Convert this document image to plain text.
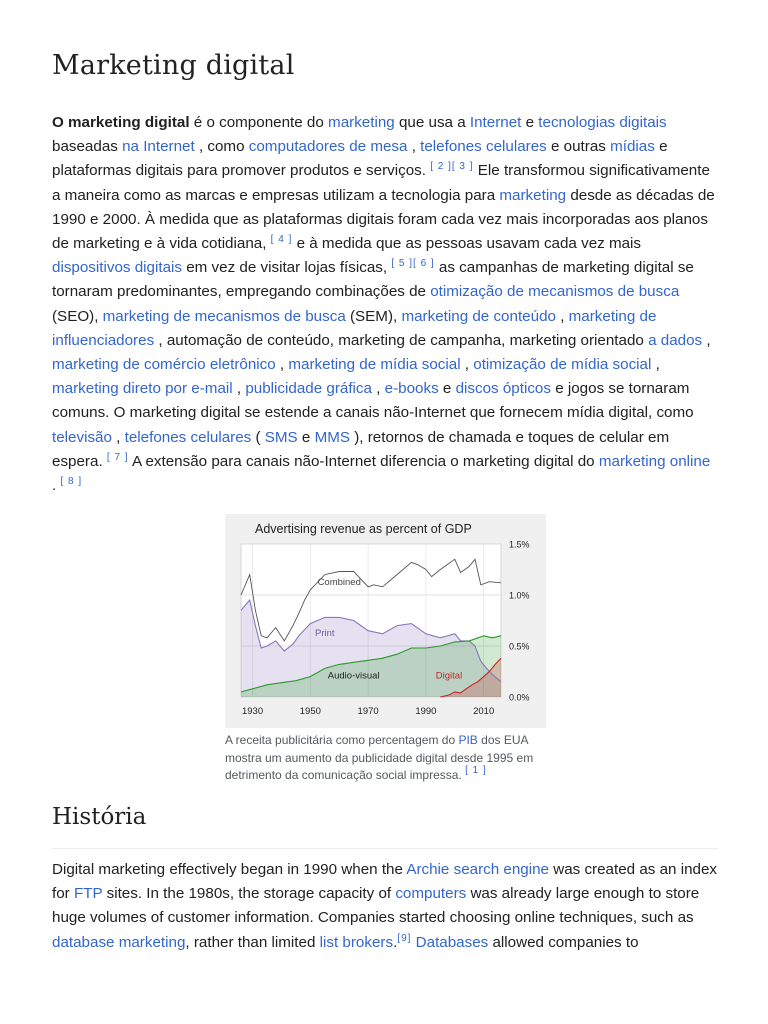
Marketing digital

O marketing digital é o componente do marketing que usa a Internet e tecnologias digitais baseadas na Internet , como computadores de mesa , telefones celulares e outras mídias e plataformas digitais para promover produtos e serviços. [ 2 ][ 3 ] Ele transformou significativamente a maneira como as marcas e empresas utilizam a tecnologia para marketing desde as décadas de 1990 e 2000. À medida que as plataformas digitais foram cada vez mais incorporadas aos planos de marketing e à vida cotidiana, [ 4 ] e à medida que as pessoas usavam cada vez mais dispositivos digitais em vez de visitar lojas físicas, [ 5 ][ 6 ] as campanhas de marketing digital se tornaram predominantes, empregando combinações de otimização de mecanismos de busca (SEO), marketing de mecanismos de busca (SEM), marketing de conteúdo , marketing de influenciadores , automação de conteúdo, marketing de campanha, marketing orientado a dados , marketing de comércio eletrônico , marketing de mídia social , otimização de mídia social , marketing direto por e-mail , publicidade gráfica , e-books e discos ópticos e jogos se tornaram comuns. O marketing digital se estende a canais não-Internet que fornecem mídia digital, como televisão , telefones celulares ( SMS e MMS ), retornos de chamada e toques de celular em espera. [ 7 ] A extensão para canais não-Internet diferencia o marketing digital do marketing online . [ 8 ]

Advertising revenue as percent of GDP
1.5%
1.0%
0.5%
0.0%
1930	1950	1970	1990	2010
Combined
Print
Audio-visual	Digital
A receita publicitária como percentagem do PIB dos EUA mostra um aumento da publicidade digital desde 1995 em detrimento da comunicação social impressa. [ 1 ]
História

Digital marketing effectively began in 1990 when the Archie search engine was created as an index for FTP sites. In the 1980s, the storage capacity of computers was already large enough to store huge volumes of customer information. Companies started choosing online techniques, such as database marketing, rather than limited list brokers.[9] Databases allowed companies to
